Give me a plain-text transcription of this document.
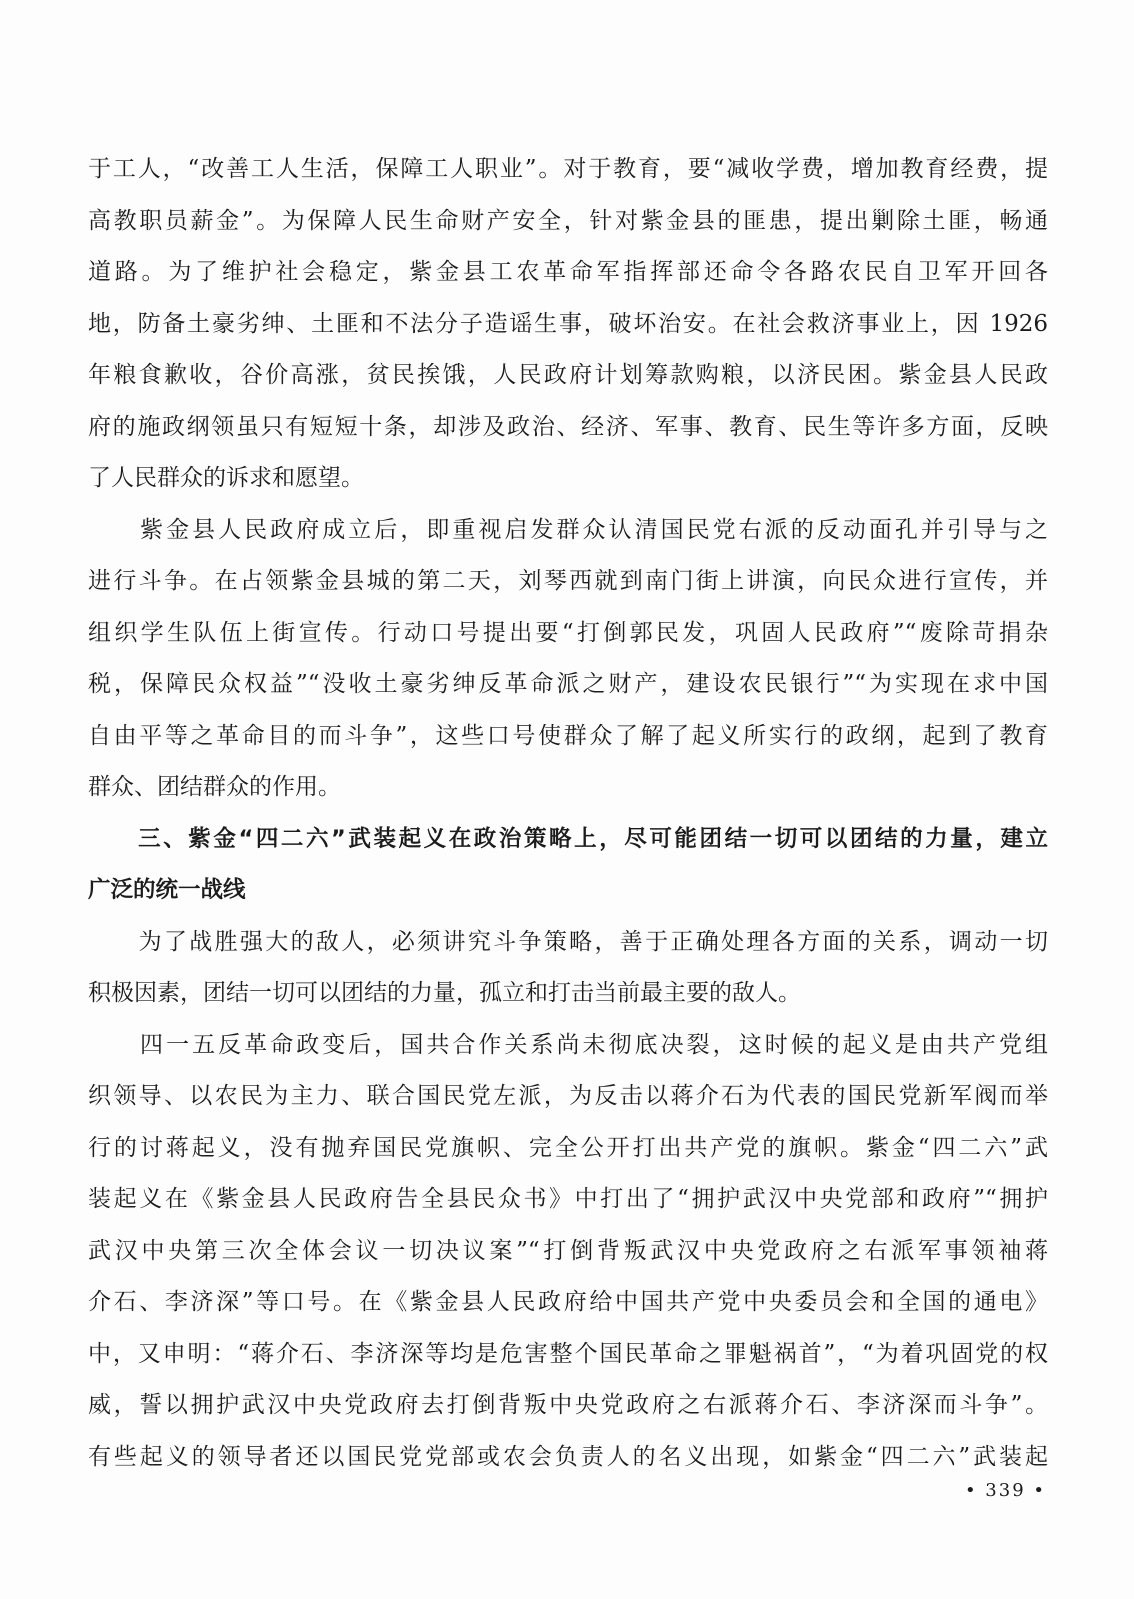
于工人，“改善工人生活，保障工人职业”。对于教育，要“减收学费，增加教育经费，提
高教职员薪金”。为保障人民生命财产安全，针对紫金县的匪患，提出剿除土匪，畅通
道路。为了维护社会稳定，紫金县工农革命军指挥部还命令各路农民自卫军开回各
地，防备土豪劣绅、土匪和不法分子造谣生事，破坏治安。在社会救济事业上，因 1926
年粮食歉收，谷价高涨，贫民挨饿，人民政府计划筹款购粮，以济民困。紫金县人民政
府的施政纲领虽只有短短十条，却涉及政治、经济、军事、教育、民生等许多方面，反映
了人民群众的诉求和愿望。
　　紫金县人民政府成立后，即重视启发群众认清国民党右派的反动面孔并引导与之
进行斗争。在占领紫金县城的第二天，刘琴西就到南门街上讲演，向民众进行宣传，并
组织学生队伍上街宣传。行动口号提出要“打倒郭民发，巩固人民政府”“废除苛捐杂
税，保障民众权益”“没收土豪劣绅反革命派之财产，建设农民银行”“为实现在求中国
自由平等之革命目的而斗争”，这些口号使群众了解了起义所实行的政纲，起到了教育
群众、团结群众的作用。
　　三、紫金“四二六”武装起义在政治策略上，尽可能团结一切可以团结的力量，建立
广泛的统一战线
　　为了战胜强大的敌人，必须讲究斗争策略，善于正确处理各方面的关系，调动一切
积极因素，团结一切可以团结的力量，孤立和打击当前最主要的敌人。
　　四一五反革命政变后，国共合作关系尚未彻底决裂，这时候的起义是由共产党组
织领导、以农民为主力、联合国民党左派，为反击以蒋介石为代表的国民党新军阀而举
行的讨蒋起义，没有抛弃国民党旗帜、完全公开打出共产党的旗帜。紫金“四二六”武
装起义在《紫金县人民政府告全县民众书》中打出了“拥护武汉中央党部和政府”“拥护
武汉中央第三次全体会议一切决议案”“打倒背叛武汉中央党政府之右派军事领袖蒋
介石、李济深”等口号。在《紫金县人民政府给中国共产党中央委员会和全国的通电》
中，又申明：“蒋介石、李济深等均是危害整个国民革命之罪魁祸首”，“为着巩固党的权
威，誓以拥护武汉中央党政府去打倒背叛中央党政府之右派蒋介石、李济深而斗争”。
有些起义的领导者还以国民党党部或农会负责人的名义出现，如紫金“四二六”武装起
• 339 •
